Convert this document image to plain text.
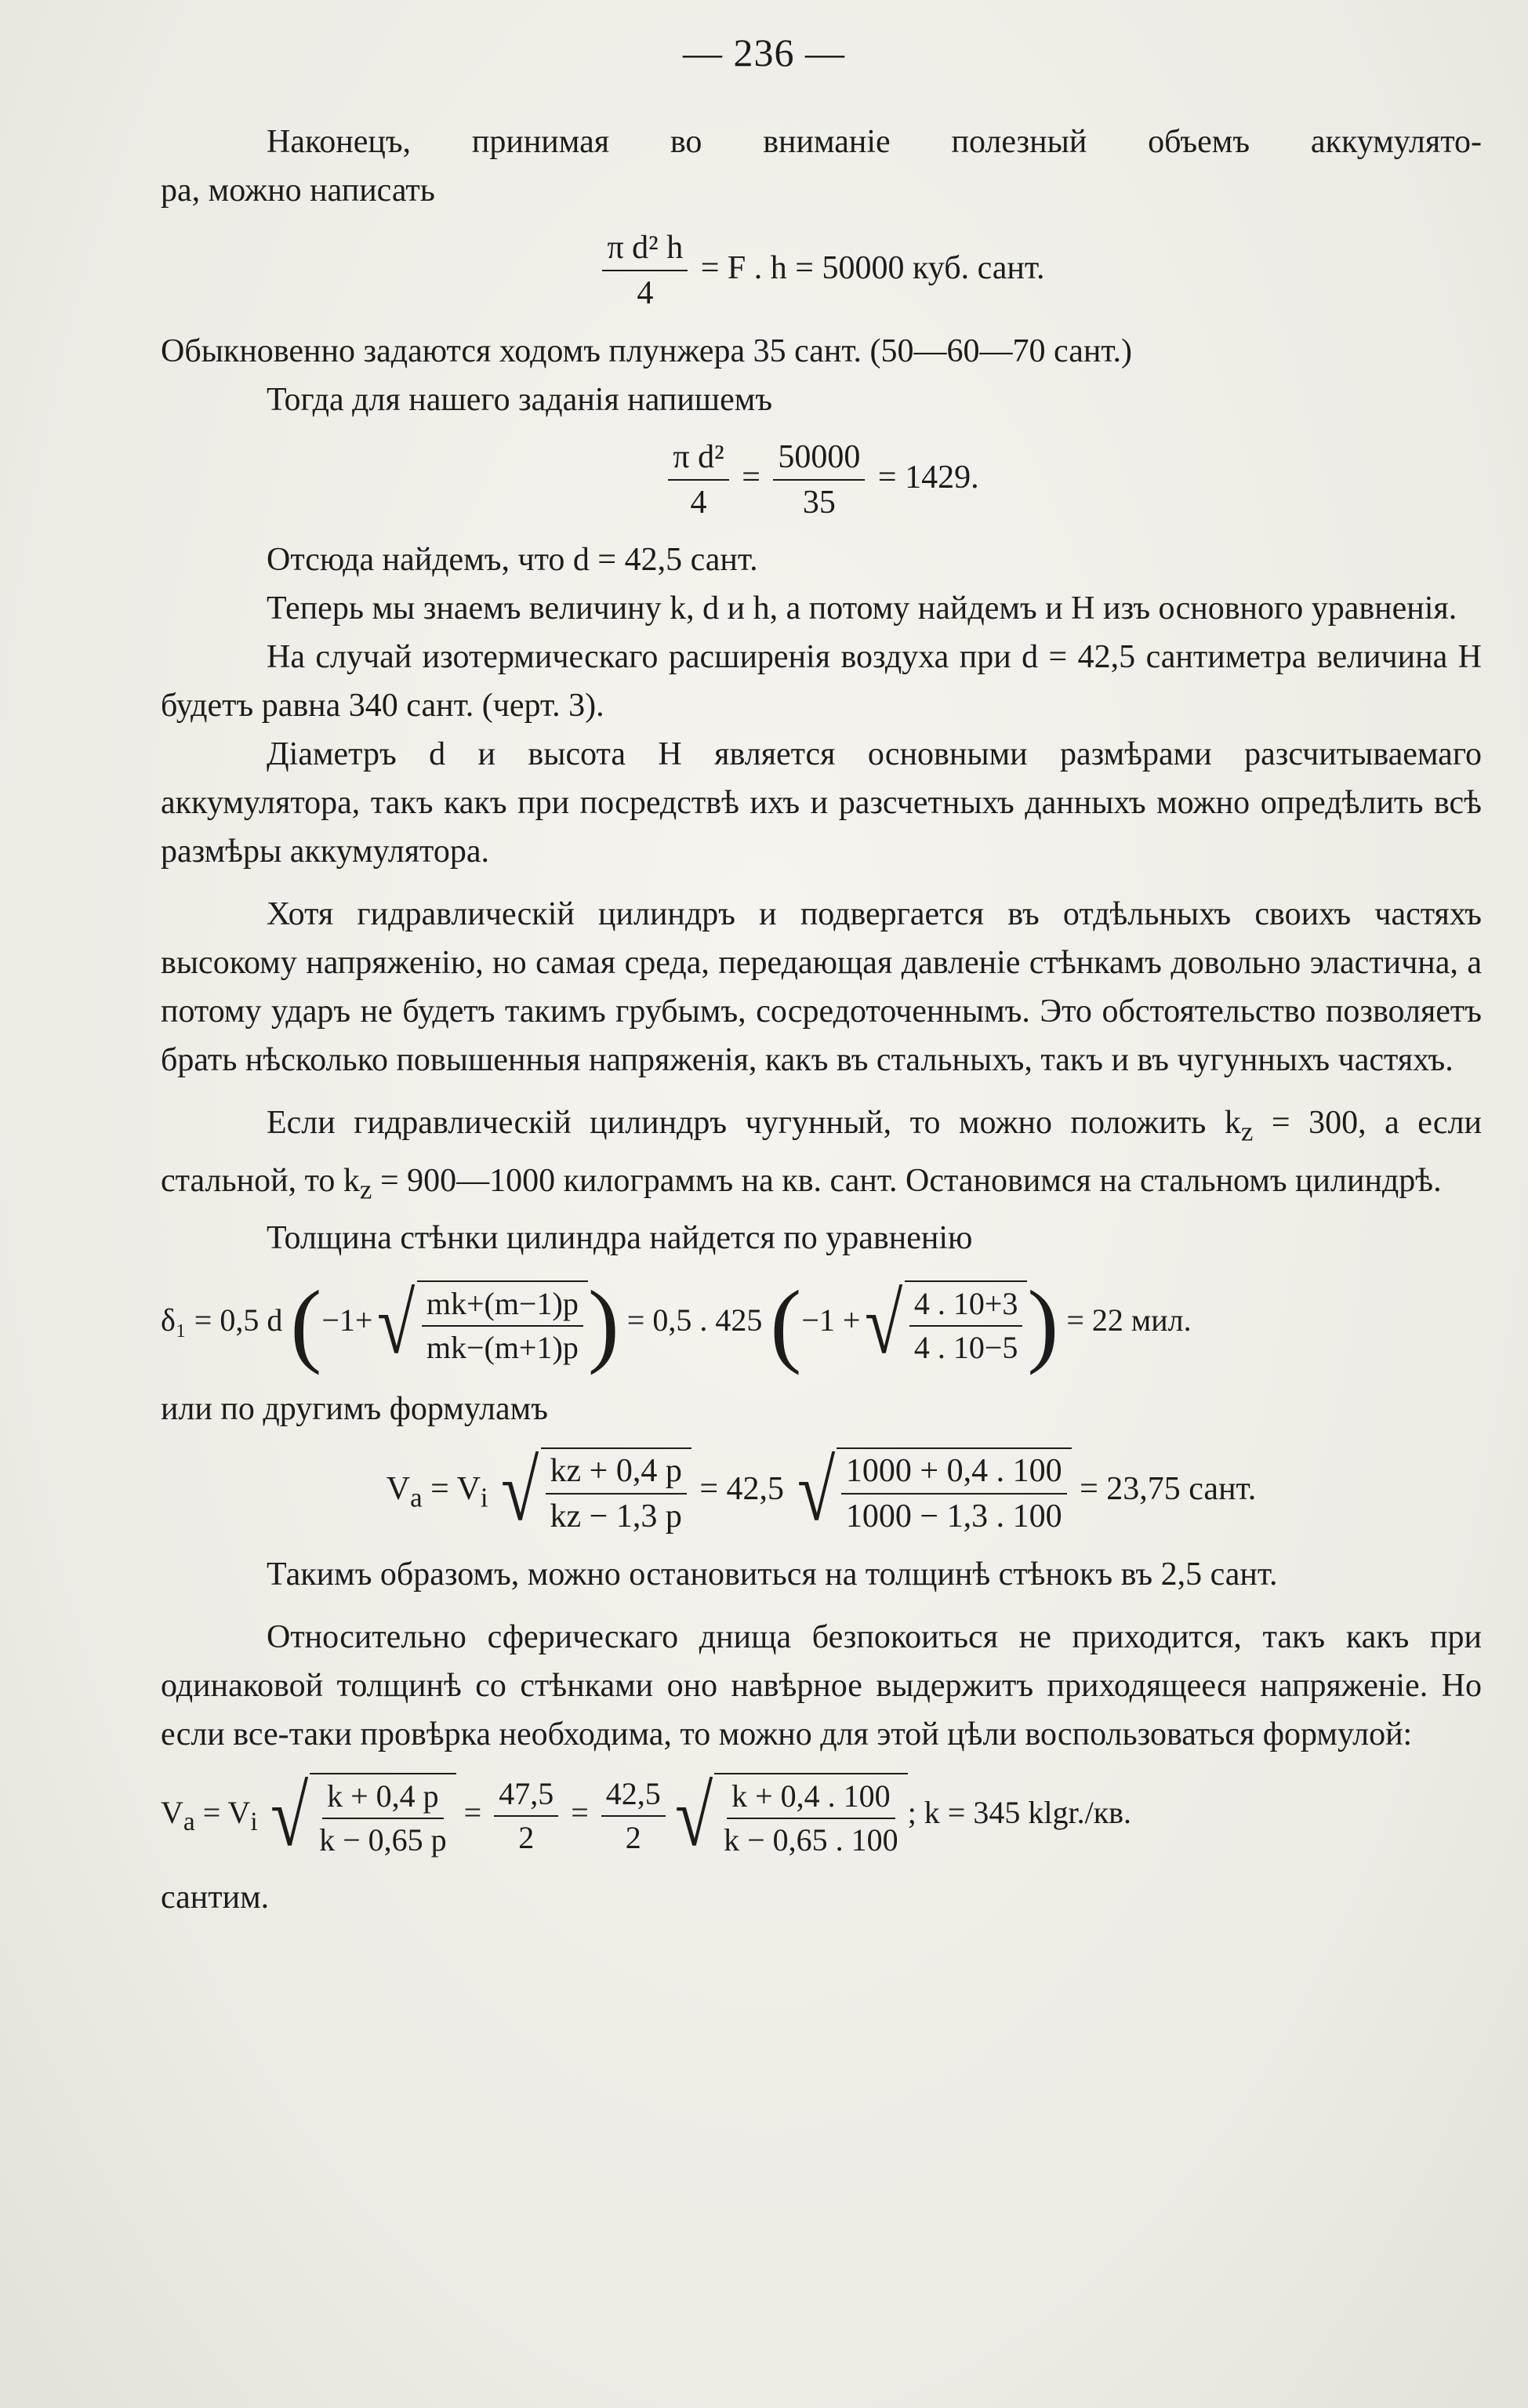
— 236 —

Наконецъ, принимая во вниманіе полезный объемъ аккумулято-

ра, можно написать

$\frac{\text{π d² h}}{4} = F$ . h = 50000 куб. сант.

Обыкновенно задаются ходомъ плунжера 35 сант. (50—60—70 сант.)

Тогда для нашего заданія напишемъ

$\frac{\text{π d²}}{4} = \frac{50000}{35} = 1429$.

Отсюда найдемъ, что d = 42,5 сант.

Теперь мы знаемъ величину k, d и h, а потому найдемъ и H изъ основного уравненія.

На случай изотермическаго расширенія воздуха при d = 42,5 сантиметра величина H будетъ равна 340 сант. (черт. 3).

Діаметръ d и высота H является основными размѣрами разсчитываемаго аккумулятора, такъ какъ при посредствѣ ихъ и разсчетныхъ данныхъ можно опредѣлить всѣ размѣры аккумулятора.

Хотя гидравлическій цилиндръ и подвергается въ отдѣльныхъ своихъ частяхъ высокому напряженію, но самая среда, передающая давленіе стѣнкамъ довольно эластична, а потому ударъ не будетъ такимъ грубымъ, сосредоточеннымъ. Это обстоятельство позволяетъ брать нѣсколько повышенныя напряженія, какъ въ стальныхъ, такъ и въ чугунныхъ частяхъ.

Если гидравлическій цилиндръ чугунный, то можно положить $k_z = 300$, а если стальной, то $k_z$ = 900—1000 килограммъ на кв. сант. Остановимся на стальномъ цилиндрѣ.

Толщина стѣнки цилиндра найдется по уравненію

δ₁ = 0,5 d (−1+ √ $\frac{mk+(m-1)p}{mk-(m+1)p}$ ) = 0,5 . 425 (−1 + √ $\frac{4 . 10+3}{4 . 10-5}$ ) = 22 мил.

или по другимъ формуламъ

$V_a = V_i$ √ $\frac{kz + 0,4 p}{kz - 1,3 p} = 42,5$ √ $\frac{1000 + 0,4 . 100}{1000 - 1,3 . 100} = 23,75$ сант.

Такимъ образомъ, можно остановиться на толщинѣ стѣнокъ въ 2,5 сант.

Относительно сферическаго днища безпокоиться не приходится, такъ какъ при одинаковой толщинѣ со стѣнками оно навѣрное выдержитъ приходящееся напряженіе. Но если все-таки провѣрка необходима, то можно для этой цѣли воспользоваться формулой:

$V_a = V_i$ √ $\frac{k + 0,4 p}{k - 0,65 p} = \frac{47,5}{2} = \frac{42,5}{2}$ √ $\frac{k + 0,4 . 100}{k - 0,65 . 100}$ ; k = 345 klgr./кв.

сантим.
